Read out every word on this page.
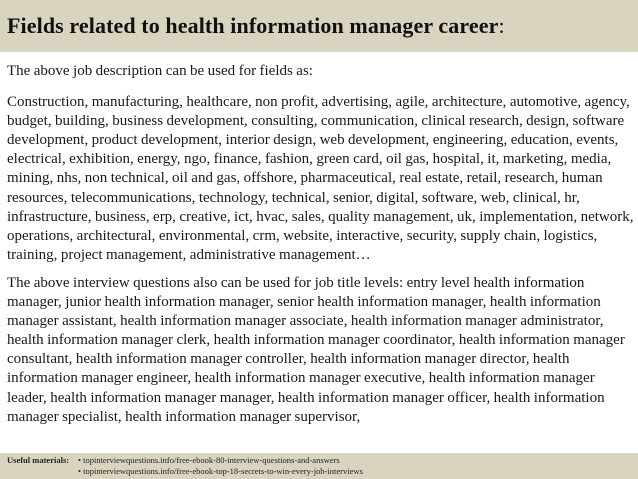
Fields related to health information manager career:

The above job description can be used for fields as:

Construction, manufacturing, healthcare, non profit, advertising, agile, architecture, automotive, agency, budget, building, business development, consulting, communication, clinical research, design, software development, product development, interior design, web development, engineering, education, events, electrical, exhibition, energy, ngo, finance, fashion, green card, oil gas, hospital, it, marketing, media, mining, nhs, non technical, oil and gas, offshore, pharmaceutical, real estate, retail, research, human resources, telecommunications, technology, technical, senior, digital, software, web, clinical, hr, infrastructure, business, erp, creative, ict, hvac, sales, quality management, uk, implementation, network, operations, architectural, environmental, crm, website, interactive, security, supply chain, logistics, training, project management, administrative management…

The above interview questions also can be used for job title levels: entry level health information manager, junior health information manager, senior health information manager, health information manager assistant, health information manager associate, health information manager administrator, health information manager clerk, health information manager coordinator, health information manager consultant, health information manager controller, health information manager director, health information manager engineer, health information manager executive, health information manager leader, health information manager manager, health information manager officer, health information manager specialist, health information manager supervisor,

Useful materials:	• topinterviewquestions.info/free-ebook-80-interview-questions-and-answers
• topinterviewquestions.info/free-ebook-top-18-secrets-to-win-every-job-interviews
